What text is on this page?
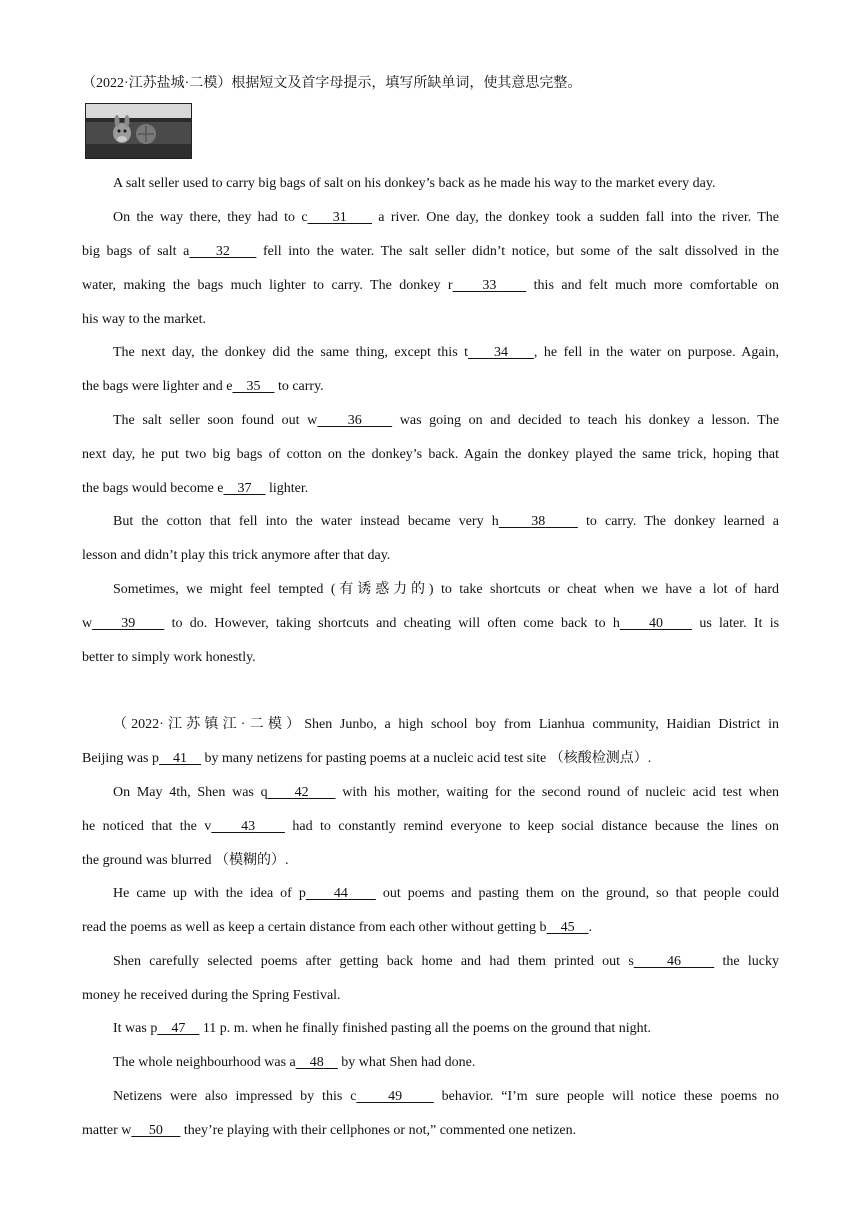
（2022·江苏盐城·二模）根据短文及首字母提示，填写所缺单词，使其意思完整。
A salt seller used to carry big bags of salt on his donkey’s back as he made his way to the market every day.
On the way there, they had to c 31     a river. One day, the donkey took a sudden fall into the river. The
big bags of salt a 32 fell into the water. The salt seller didn’t notice, but some of the salt dissolved in the
water, making the bags much lighter to carry. The donkey r 33	this and felt much more comfortable on
his way to the market.
The next day, the donkey did the same thing, except this t 34 , he fell in the water on purpose. Again,
the bags were lighter and e 35 to carry.
The salt seller soon found out w 36	was going on and decided to teach his donkey a lesson. The
next day, he put two big bags of cotton on the donkey’s back. Again the donkey played the same trick, hoping that
the bags would become e 37 lighter.
But the cotton that fell into the water instead became very h 38	to carry. The donkey learned a
lesson and didn’t play this trick anymore after that day.
Sometimes, we might feel tempted (有诱惑力的) to take shortcuts or cheat when we have a lot of hard
w 39	to do. However, taking shortcuts and cheating will often come back to h 40	us later. It is
better to simply work honestly.
（2022·江苏镇江·二模）Shen Junbo, a high school boy from Lianhua community, Haidian District in
Beijing was p 41 by many netizens for pasting poems at a nucleic acid test site （核酸检测点）.
On May 4th, Shen was q 42 with his mother, waiting for the second round of nucleic acid test when
he noticed that the v 43	had to constantly remind everyone to keep social distance because the lines on
the ground was blurred （模糊的）.
He came up with the idea of p 44	out poems and pasting them on the ground, so that people could
read the poems as well as keep a certain distance from each other without getting b 45 .
Shen carefully selected poems after getting back home and had them printed out s 46	the lucky
money he received during the Spring Festival.
It was p 47 11 p. m. when he finally finished pasting all the poems on the ground that night.
The whole neighbourhood was a 48 by what Shen had done.
Netizens were also impressed by this c 49	behavior. “I’m sure people will notice these poems no
matter w 50 they’re playing with their cellphones or not,” commented one netizen.
